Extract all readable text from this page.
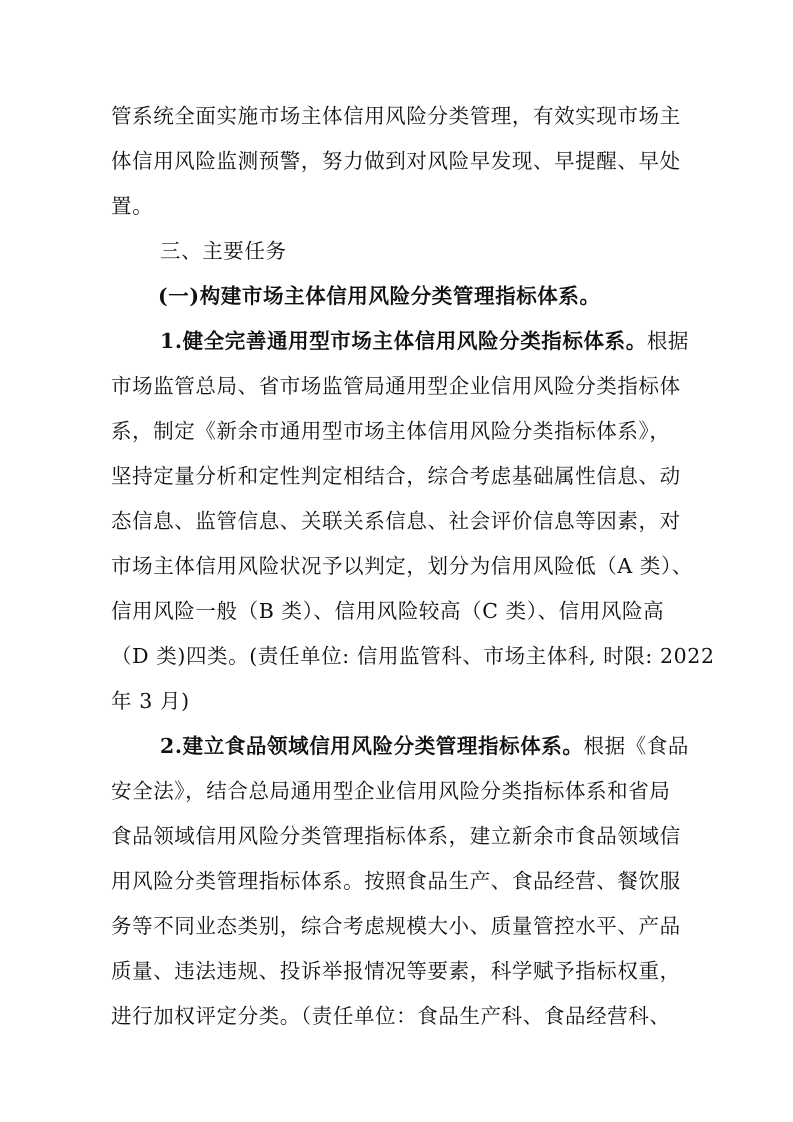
管系统全面实施市场主体信用风险分类管理，有效实现市场主
体信用风险监测预警，努力做到对风险早发现、早提醒、早处
置。
三、主要任务
(一)构建市场主体信用风险分类管理指标体系。
1.健全完善通用型市场主体信用风险分类指标体系。根据
市场监管总局、省市场监管局通用型企业信用风险分类指标体
系，制定《新余市通用型市场主体信用风险分类指标体系》，
坚持定量分析和定性判定相结合，综合考虑基础属性信息、动
态信息、监管信息、关联关系信息、社会评价信息等因素，对
市场主体信用风险状况予以判定，划分为信用风险低（A 类）、
信用风险一般（B 类）、信用风险较高（C 类）、信用风险高
（D 类)四类。(责任单位: 信用监管科、市场主体科, 时限: 2022
年 3 月)
2.建立食品领域信用风险分类管理指标体系。根据《食品
安全法》，结合总局通用型企业信用风险分类指标体系和省局
食品领域信用风险分类管理指标体系，建立新余市食品领域信
用风险分类管理指标体系。按照食品生产、食品经营、餐饮服
务等不同业态类别，综合考虑规模大小、质量管控水平、产品
质量、违法违规、投诉举报情况等要素，科学赋予指标权重，
进行加权评定分类。（责任单位：食品生产科、食品经营科、
